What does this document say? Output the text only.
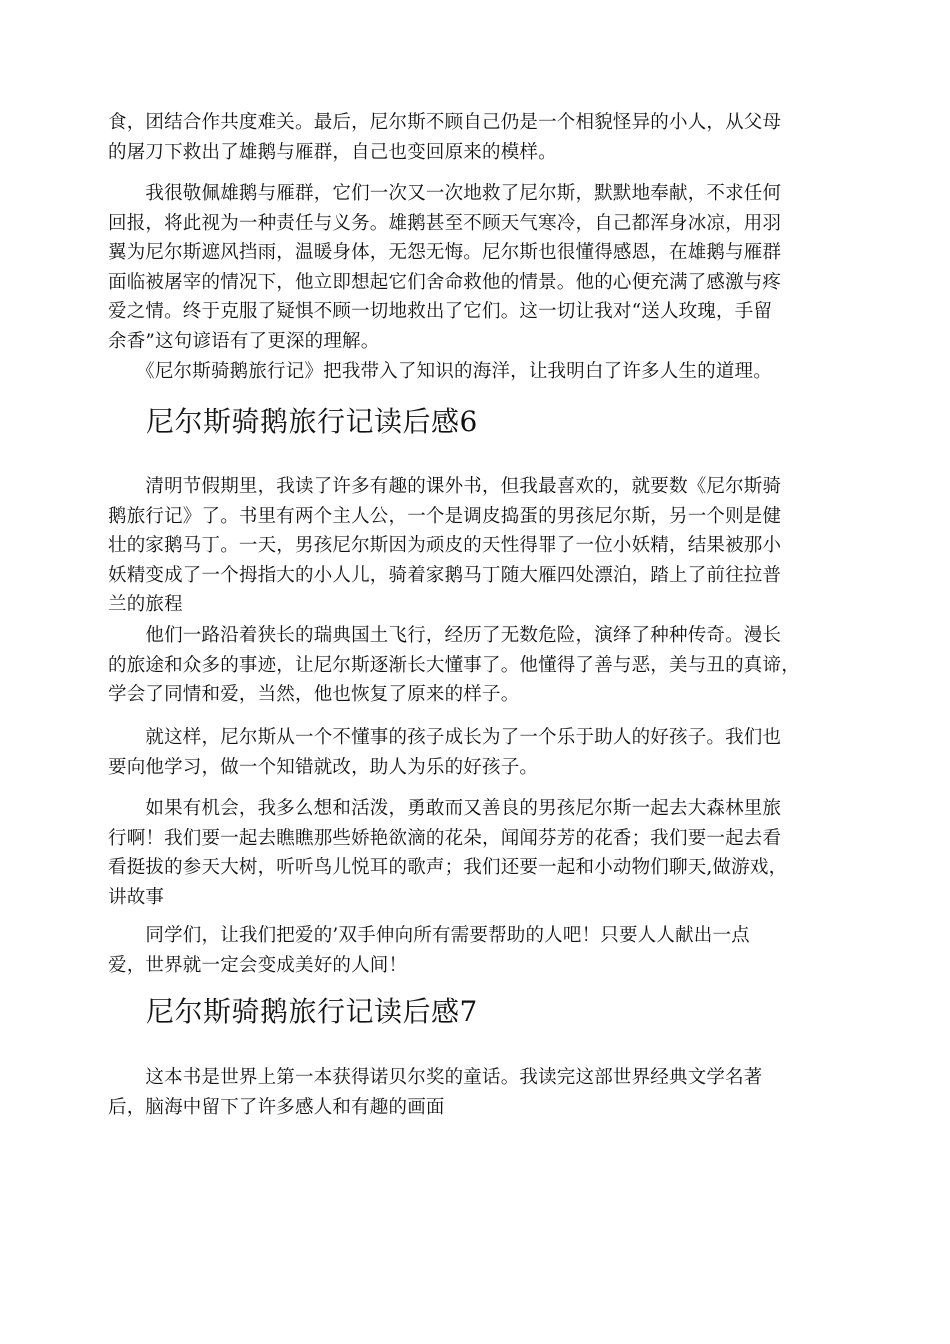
食，团结合作共度难关。最后，尼尔斯不顾自己仍是一个相貌怪异的小人，从父母
的屠刀下救出了雄鹅与雁群，自己也变回原来的模样。

　　我很敬佩雄鹅与雁群，它们一次又一次地救了尼尔斯，默默地奉献，不求任何
回报，将此视为一种责任与义务。雄鹅甚至不顾天气寒冷，自己都浑身冰凉，用羽
翼为尼尔斯遮风挡雨，温暖身体，无怨无悔。尼尔斯也很懂得感恩，在雄鹅与雁群
面临被屠宰的情况下，他立即想起它们舍命救他的情景。他的心便充满了感激与疼
爱之情。终于克服了疑惧不顾一切地救出了它们。这一切让我对“送人玫瑰，手留
余香”这句谚语有了更深的理解。

　　《尼尔斯骑鹅旅行记》把我带入了知识的海洋，让我明白了许多人生的道理。

尼尔斯骑鹅旅行记读后感6

　　清明节假期里，我读了许多有趣的课外书，但我最喜欢的，就要数《尼尔斯骑
鹅旅行记》了。书里有两个主人公，一个是调皮捣蛋的男孩尼尔斯，另一个则是健
壮的家鹅马丁。一天，男孩尼尔斯因为顽皮的天性得罪了一位小妖精，结果被那小
妖精变成了一个拇指大的小人儿，骑着家鹅马丁随大雁四处漂泊，踏上了前往拉普
兰的旅程

　　他们一路沿着狭长的瑞典国土飞行，经历了无数危险，演绎了种种传奇。漫长
的旅途和众多的事迹，让尼尔斯逐渐长大懂事了。他懂得了善与恶，美与丑的真谛，
学会了同情和爱，当然，他也恢复了原来的样子。

　　就这样，尼尔斯从一个不懂事的孩子成长为了一个乐于助人的好孩子。我们也
要向他学习，做一个知错就改，助人为乐的好孩子。

　　如果有机会，我多么想和活泼，勇敢而又善良的男孩尼尔斯一起去大森林里旅
行啊！我们要一起去瞧瞧那些娇艳欲滴的花朵，闻闻芬芳的花香；我们要一起去看
看挺拔的参天大树，听听鸟儿悦耳的歌声；我们还要一起和小动物们聊天,做游戏，
讲故事

　　同学们，让我们把爱的’双手伸向所有需要帮助的人吧！只要人人献出一点
爱，世界就一定会变成美好的人间！

尼尔斯骑鹅旅行记读后感7

　　这本书是世界上第一本获得诺贝尔奖的童话。我读完这部世界经典文学名著
后，脑海中留下了许多感人和有趣的画面
